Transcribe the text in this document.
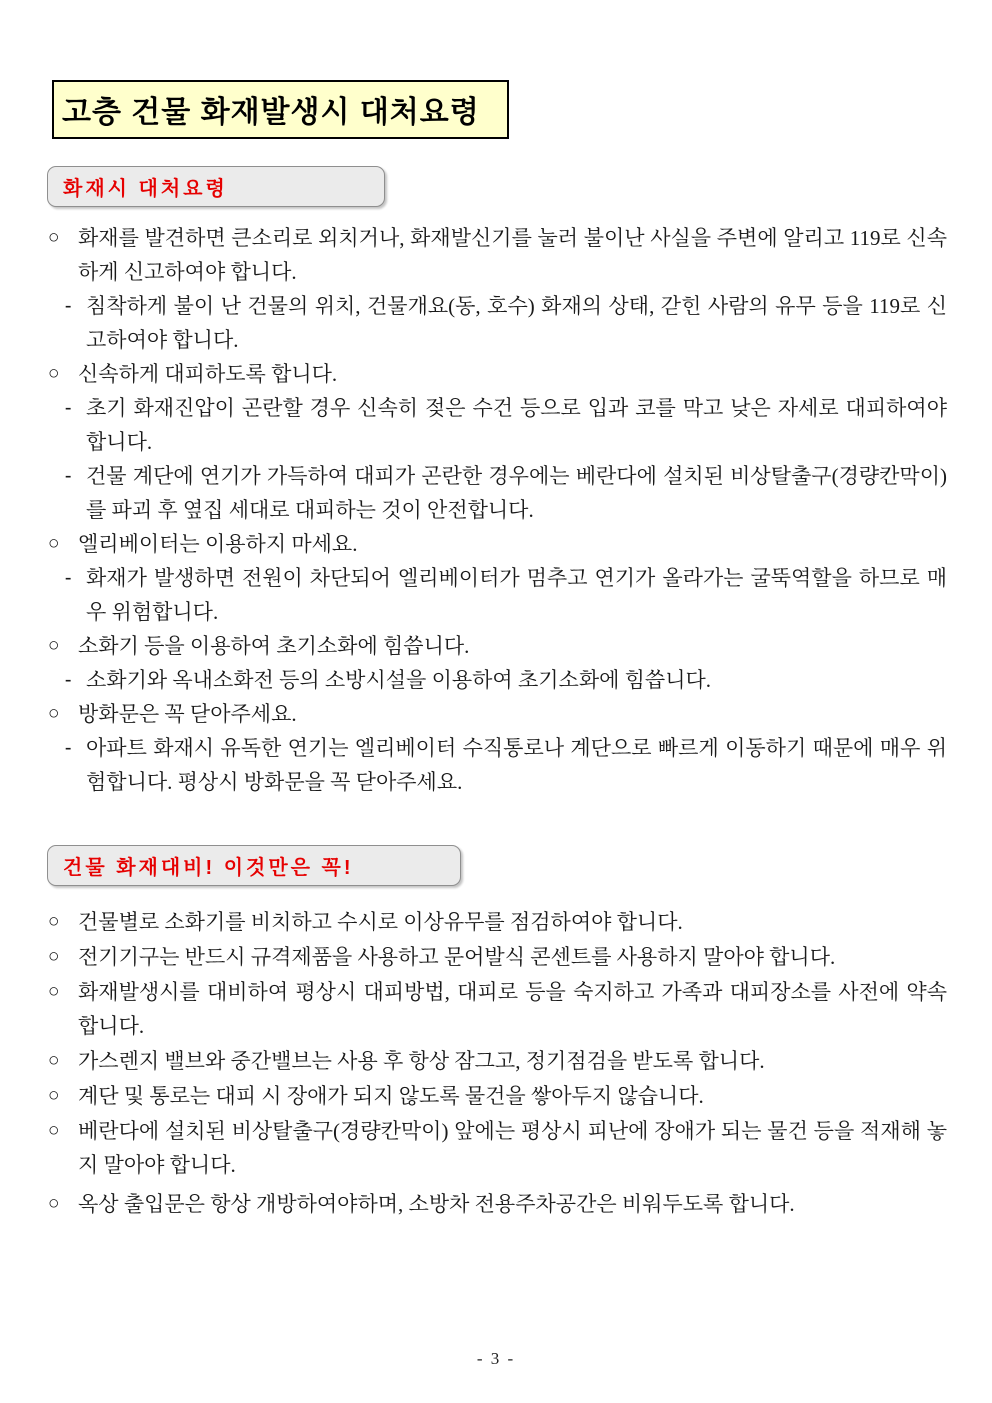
고층 건물 화재발생시 대처요령
화재시 대처요령
○ 화재를 발견하면 큰소리로 외치거나, 화재발신기를 눌러 불이난 사실을 주변에 알리고 119로 신속하게 신고하여야 합니다.
- 침착하게 불이 난 건물의 위치, 건물개요(동, 호수) 화재의 상태, 갇힌 사람의 유무 등을 119로 신고하여야 합니다.
○ 신속하게 대피하도록 합니다.
- 초기 화재진압이 곤란할 경우 신속히 젖은 수건 등으로 입과 코를 막고 낮은 자세로 대피하여야 합니다.
- 건물 계단에 연기가 가득하여 대피가 곤란한 경우에는 베란다에 설치된 비상탈출구(경량칸막이)를 파괴 후 옆집 세대로 대피하는 것이 안전합니다.
○ 엘리베이터는 이용하지 마세요.
- 화재가 발생하면 전원이 차단되어 엘리베이터가 멈추고 연기가 올라가는 굴뚝역할을 하므로 매우 위험합니다.
○ 소화기 등을 이용하여 초기소화에 힘씁니다.
- 소화기와 옥내소화전 등의 소방시설을 이용하여 초기소화에 힘씁니다.
○ 방화문은 꼭 닫아주세요.
- 아파트 화재시 유독한 연기는 엘리베이터 수직통로나 계단으로 빠르게 이동하기 때문에 매우 위험합니다. 평상시 방화문을 꼭 닫아주세요.
건물 화재대비! 이것만은 꼭!
○ 건물별로 소화기를 비치하고 수시로 이상유무를 점검하여야 합니다.
○ 전기기구는 반드시 규격제품을 사용하고 문어발식 콘센트를 사용하지 말아야 합니다.
○ 화재발생시를 대비하여 평상시 대피방법, 대피로 등을 숙지하고 가족과 대피장소를 사전에 약속합니다.
○ 가스렌지 밸브와 중간밸브는 사용 후 항상 잠그고, 정기점검을 받도록 합니다.
○ 계단 및 통로는 대피 시 장애가 되지 않도록 물건을 쌓아두지 않습니다.
○ 베란다에 설치된 비상탈출구(경량칸막이) 앞에는 평상시 피난에 장애가 되는 물건 등을 적재해 놓지 말아야 합니다.
○ 옥상 출입문은 항상 개방하여야하며, 소방차 전용주차공간은 비워두도록 합니다.
- 3 -
